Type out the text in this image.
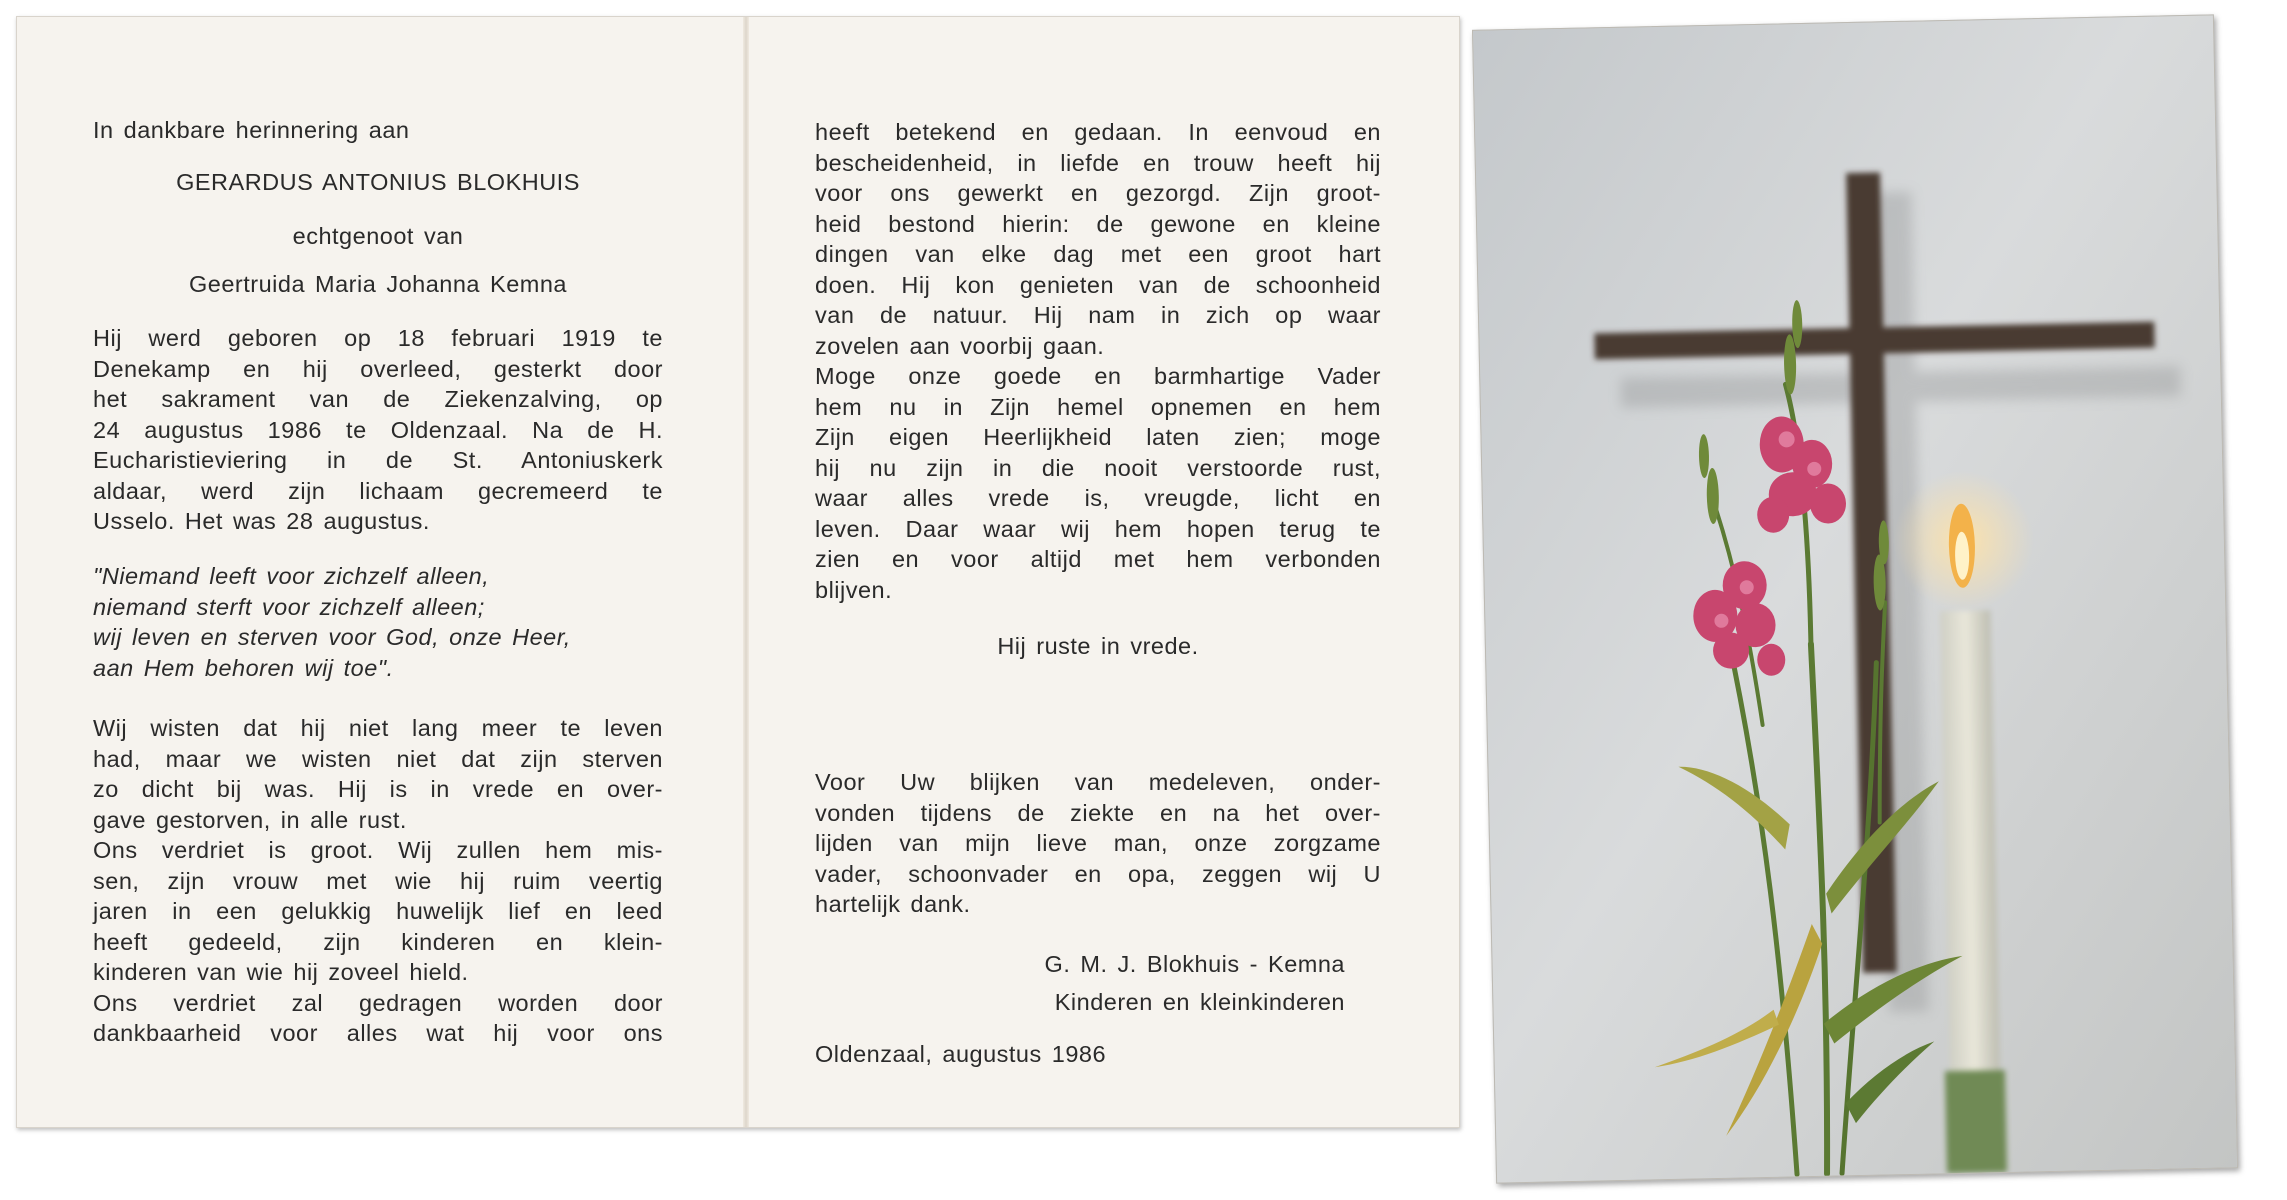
In dankbare herinnering aan
GERARDUS ANTONIUS BLOKHUIS
echtgenoot van
Geertruida Maria Johanna Kemna
Hij werd geboren op 18 februari 1919 te
Denekamp en hij overleed, gesterkt door
het sakrament van de Ziekenzalving, op
24 augustus 1986 te Oldenzaal. Na de H.
Eucharistieviering in de St. Antoniuskerk
aldaar, werd zijn lichaam gecremeerd te
Usselo. Het was 28 augustus.
"Niemand leeft voor zichzelf alleen,
niemand sterft voor zichzelf alleen;
wij leven en sterven voor God, onze Heer,
aan Hem behoren wij toe".
Wij wisten dat hij niet lang meer te leven
had, maar we wisten niet dat zijn sterven
zo dicht bij was. Hij is in vrede en over-
gave gestorven, in alle rust.
Ons verdriet is groot. Wij zullen hem mis-
sen, zijn vrouw met wie hij ruim veertig
jaren in een gelukkig huwelijk lief en leed
heeft gedeeld, zijn kinderen en klein-
kinderen van wie hij zoveel hield.
Ons verdriet zal gedragen worden door
dankbaarheid voor alles wat hij voor ons
heeft betekend en gedaan. In eenvoud en
bescheidenheid, in liefde en trouw heeft hij
voor ons gewerkt en gezorgd. Zijn groot-
heid bestond hierin: de gewone en kleine
dingen van elke dag met een groot hart
doen. Hij kon genieten van de schoonheid
van de natuur. Hij nam in zich op waar
zovelen aan voorbij gaan.
Moge onze goede en barmhartige Vader
hem nu in Zijn hemel opnemen en hem
Zijn eigen Heerlijkheid laten zien; moge
hij nu zijn in die nooit verstoorde rust,
waar alles vrede is, vreugde, licht en
leven. Daar waar wij hem hopen terug te
zien en voor altijd met hem verbonden
blijven.
Hij ruste in vrede.
Voor Uw blijken van medeleven, onder-
vonden tijdens de ziekte en na het over-
lijden van mijn lieve man, onze zorgzame
vader, schoonvader en opa, zeggen wij U
hartelijk dank.
G. M. J. Blokhuis - Kemna
Kinderen en kleinkinderen
Oldenzaal, augustus 1986
